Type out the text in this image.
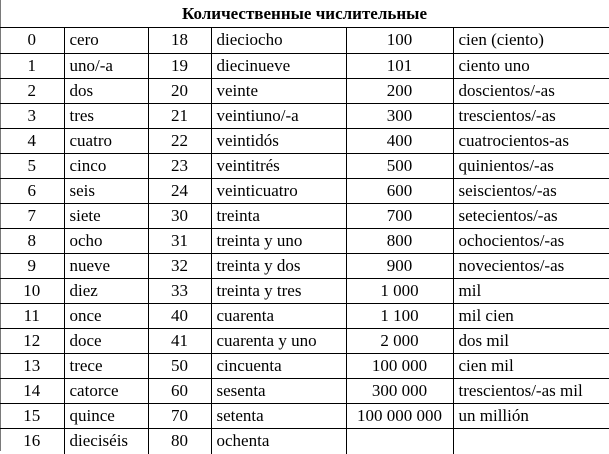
Количественные числительные
0	cero	18	dieciocho	100	cien (ciento)
1	uno/-a	19	diecinueve	101	ciento uno
2	dos	20	veinte	200	doscientos/-as
3	tres	21	veintiuno/-a	300	trescientos/-as
4	cuatro	22	veintidós	400	cuatrocientos-as
5	cinco	23	veintitrés	500	quinientos/-as
6	seis	24	veinticuatro	600	seiscientos/-as
7	siete	30	treinta	700	setecientos/-as
8	ocho	31	treinta y uno	800	ochocientos/-as
9	nueve	32	treinta y dos	900	novecientos/-as
10	diez	33	treinta y tres	1 000	mil
11	once	40	cuarenta	1 100	mil cien
12	doce	41	cuarenta y uno	2 000	dos mil
13	trece	50	cincuenta	100 000	cien mil
14	catorce	60	sesenta	300 000	trescientos/-as mil
15	quince	70	setenta	100 000 000	un millión
16	dieciséis	80	ochenta		
